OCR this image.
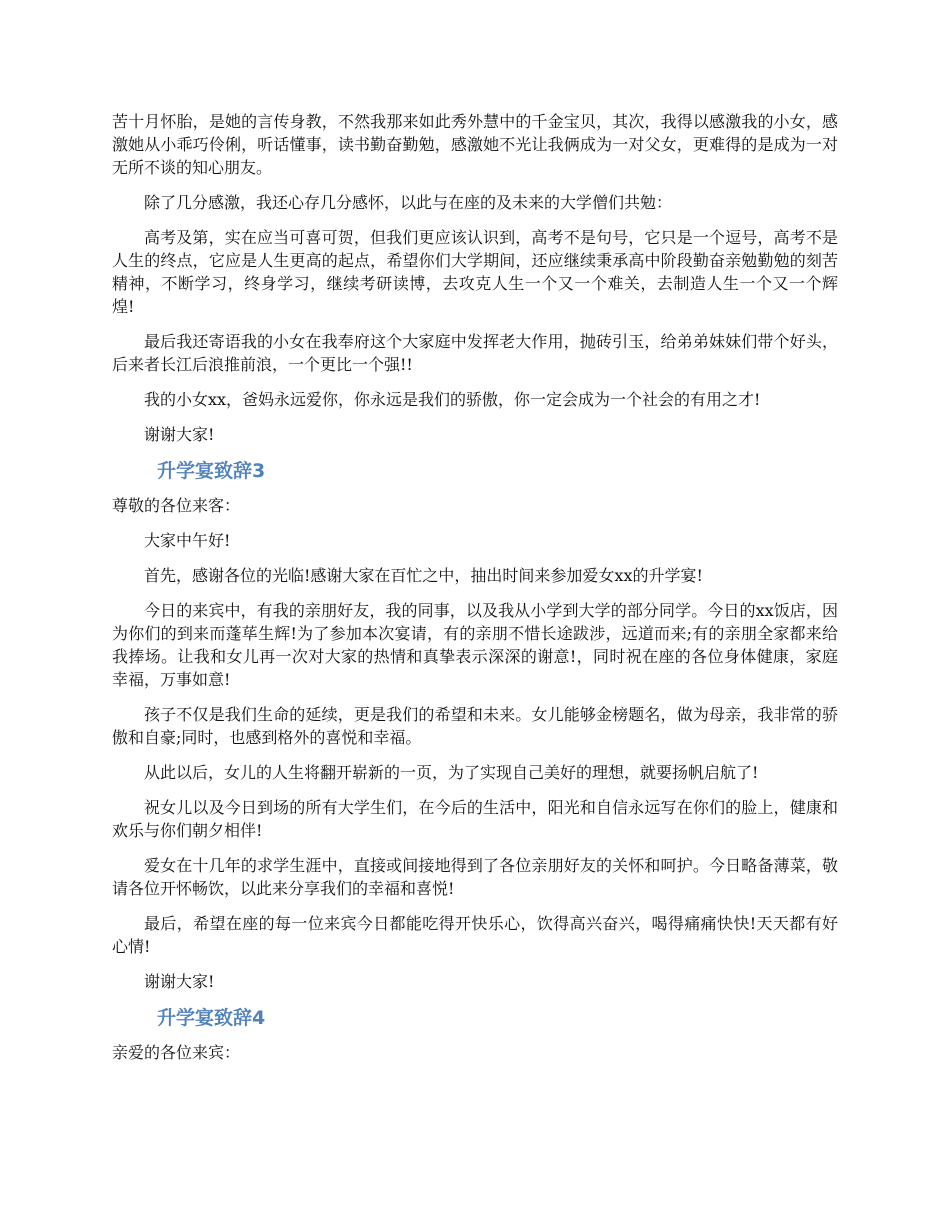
苦十月怀胎，是她的言传身教，不然我那来如此秀外慧中的千金宝贝，其次，我得以感激我的小女，感激她从小乖巧伶俐，听话懂事，读书勤奋勤勉，感激她不光让我俩成为一对父女，更难得的是成为一对无所不谈的知心朋友。

除了几分感激，我还心存几分感怀，以此与在座的及未来的大学僧们共勉：

高考及第，实在应当可喜可贺，但我们更应该认识到，高考不是句号，它只是一个逗号，高考不是人生的终点，它应是人生更高的起点，希望你们大学期间，还应继续秉承高中阶段勤奋亲勉勤勉的刻苦精神，不断学习，终身学习，继续考研读博，去攻克人生一个又一个难关，去制造人生一个又一个辉煌!

最后我还寄语我的小女在我奉府这个大家庭中发挥老大作用，抛砖引玉，给弟弟妹妹们带个好头，后来者长江后浪推前浪，一个更比一个强!!

我的小女xx，爸妈永远爱你，你永远是我们的骄傲，你一定会成为一个社会的有用之才!

谢谢大家!

升学宴致辞3

尊敬的各位来客：

大家中午好!

首先，感谢各位的光临!感谢大家在百忙之中，抽出时间来参加爱女xx的升学宴!

今日的来宾中，有我的亲朋好友，我的同事，以及我从小学到大学的部分同学。今日的xx饭店，因为你们的到来而蓬荜生辉!为了参加本次宴请，有的亲朋不惜长途跋涉，远道而来;有的亲朋全家都来给我捧场。让我和女儿再一次对大家的热情和真挚表示深深的谢意!，同时祝在座的各位身体健康，家庭幸福，万事如意!

孩子不仅是我们生命的延续，更是我们的希望和未来。女儿能够金榜题名，做为母亲，我非常的骄傲和自豪;同时，也感到格外的喜悦和幸福。

从此以后，女儿的人生将翻开崭新的一页，为了实现自己美好的理想，就要扬帆启航了!

祝女儿以及今日到场的所有大学生们，在今后的生活中，阳光和自信永远写在你们的脸上，健康和欢乐与你们朝夕相伴!

爱女在十几年的求学生涯中，直接或间接地得到了各位亲朋好友的关怀和呵护。今日略备薄菜，敬请各位开怀畅饮，以此来分享我们的幸福和喜悦!

最后，希望在座的每一位来宾今日都能吃得开快乐心，饮得高兴奋兴，喝得痛痛快快!天天都有好心情!

谢谢大家!

升学宴致辞4

亲爱的各位来宾：
